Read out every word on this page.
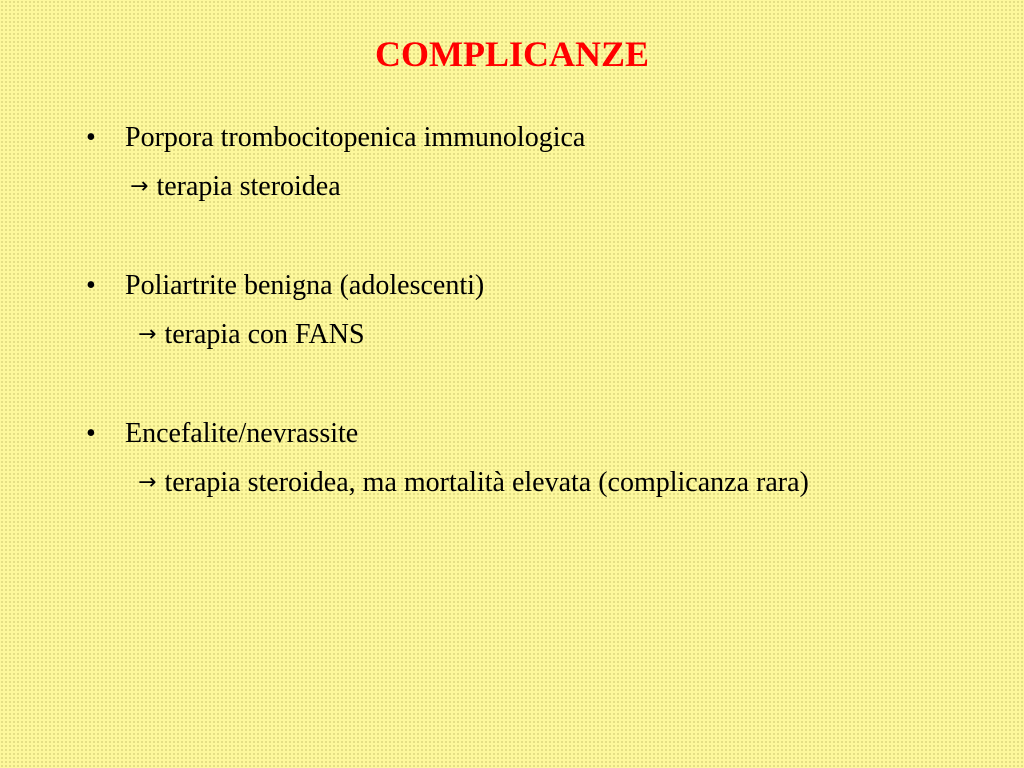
COMPLICANZE
• Porpora trombocitopenica immunologica
→ terapia steroidea
• Poliartrite benigna (adolescenti)
→ terapia con FANS
• Encefalite/nevrassite
→ terapia steroidea, ma mortalità elevata (complicanza rara)
